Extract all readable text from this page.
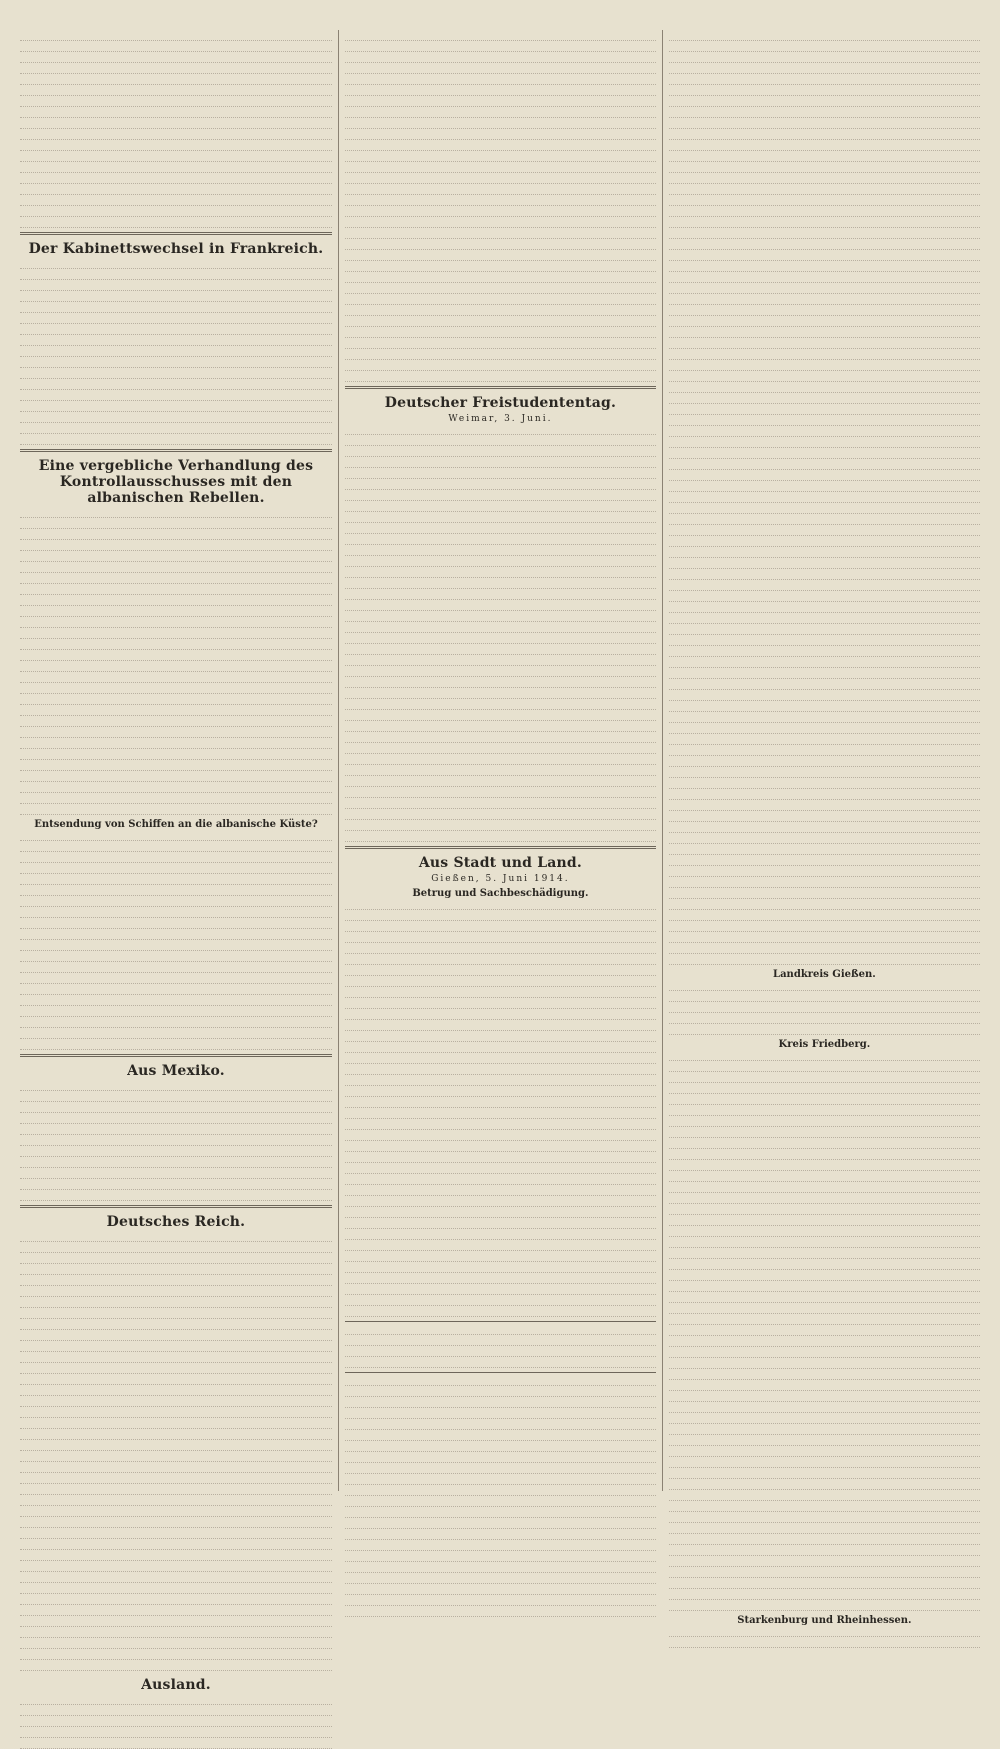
Der Kabinettswechsel in Frankreich.
Eine vergebliche Verhandlung des Kontrollausschusses mit den albanischen Rebellen.
Entsendung von Schiffen an die albanische Küste?
Aus Mexiko.
Deutsches Reich.
Ausland.
Deutscher Freistudententag.
Weimar, 3. Juni.
Aus Stadt und Land.
Gießen, 5. Juni 1914.
Betrug und Sachbeschädigung.
Landkreis Gießen.
Kreis Friedberg.
Starkenburg und Rheinhessen.
